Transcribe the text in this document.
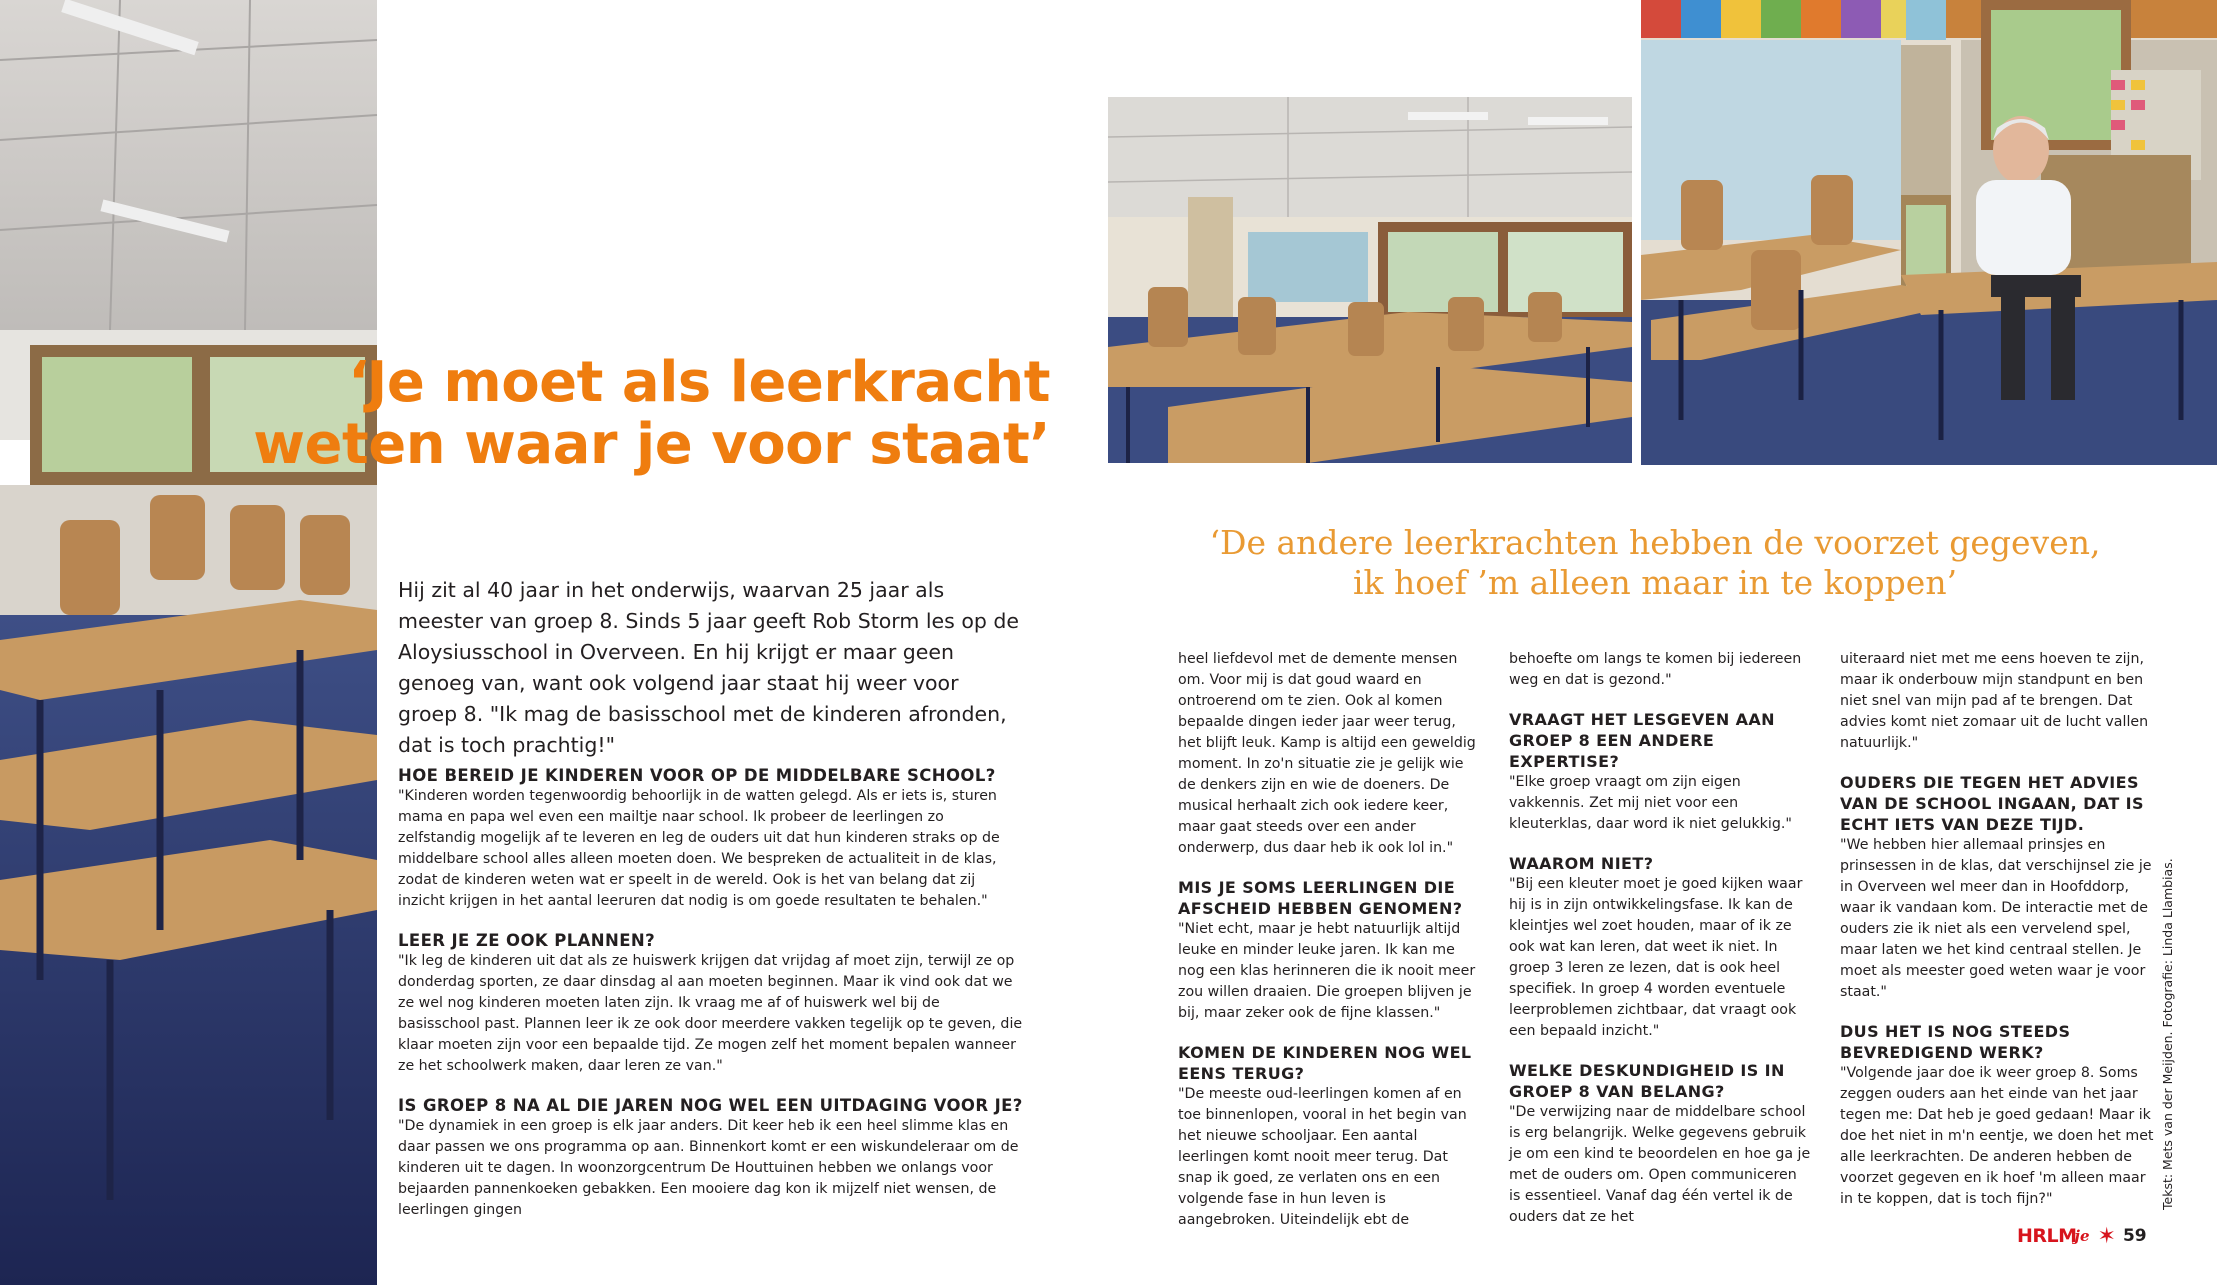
‘Je moet als leerkracht
weten waar je voor staat’
Hij zit al 40 jaar in het onderwijs, waarvan 25 jaar als meester van groep 8. Sinds 5 jaar geeft Rob Storm les op de Aloysiusschool in Overveen. En hij krijgt er maar geen genoeg van, want ook volgend jaar staat hij weer voor groep 8. "Ik mag de basisschool met de kinderen afronden, dat is toch prachtig!"
‘De andere leerkrachten hebben de voorzet gegeven,
ik hoef ’m alleen maar in te koppen’
HOE BEREID JE KINDEREN VOOR OP DE MIDDELBARE SCHOOL?
"Kinderen worden tegenwoordig behoorlijk in de watten gelegd. Als er iets is, sturen mama en papa wel even een mailtje naar school. Ik probeer de leerlingen zo zelfstandig mogelijk af te leveren en leg de ouders uit dat hun kinderen straks op de middelbare school alles alleen moeten doen. We bespreken de actualiteit in de klas, zodat de kinderen weten wat er speelt in de wereld. Ook is het van belang dat zij inzicht krijgen in het aantal leeruren dat nodig is om goede resultaten te behalen."
LEER JE ZE OOK PLANNEN?
"Ik leg de kinderen uit dat als ze huiswerk krijgen dat vrijdag af moet zijn, terwijl ze op donderdag sporten, ze daar dinsdag al aan moeten beginnen. Maar ik vind ook dat we ze wel nog kinderen moeten laten zijn. Ik vraag me af of huiswerk wel bij de basisschool past. Plannen leer ik ze ook door meerdere vakken tegelijk op te geven, die klaar moeten zijn voor een bepaalde tijd. Ze mogen zelf het moment bepalen wanneer ze het schoolwerk maken, daar leren ze van."
IS GROEP 8 NA AL DIE JAREN NOG WEL EEN UITDAGING VOOR JE?
"De dynamiek in een groep is elk jaar anders. Dit keer heb ik een heel slimme klas en daar passen we ons programma op aan. Binnenkort komt er een wiskundeleraar om de kinderen uit te dagen. In woonzorgcentrum De Houttuinen hebben we onlangs voor bejaarden pannenkoeken gebakken. Een mooiere dag kon ik mijzelf niet wensen, de leerlingen gingen

heel liefdevol met de demente mensen om. Voor mij is dat goud waard en ontroerend om te zien. Ook al komen bepaalde dingen ieder jaar weer terug, het blijft leuk. Kamp is altijd een geweldig moment. In zo'n situatie zie je gelijk wie de denkers zijn en wie de doeners. De musical herhaalt zich ook iedere keer, maar gaat steeds over een ander onderwerp, dus daar heb ik ook lol in."

MIS JE SOMS LEERLINGEN DIE AFSCHEID HEBBEN GENOMEN?
"Niet echt, maar je hebt natuurlijk altijd leuke en minder leuke jaren. Ik kan me nog een klas herinneren die ik nooit meer zou willen draaien. Die groepen blijven je bij, maar zeker ook de fijne klassen."
KOMEN DE KINDEREN NOG WEL EENS TERUG?
"De meeste oud-leerlingen komen af en toe binnenlopen, vooral in het begin van het nieuwe schooljaar. Een aantal leerlingen komt nooit meer terug. Dat snap ik goed, ze verlaten ons en een volgende fase in hun leven is aangebroken. Uiteindelijk ebt de

behoefte om langs te komen bij iedereen weg en dat is gezond."

VRAAGT HET LESGEVEN AAN GROEP 8 EEN ANDERE EXPERTISE?
"Elke groep vraagt om zijn eigen vakkennis. Zet mij niet voor een kleuterklas, daar word ik niet gelukkig."
WAAROM NIET?
"Bij een kleuter moet je goed kijken waar hij is in zijn ontwikkelingsfase. Ik kan de kleintjes wel zoet houden, maar of ik ze ook wat kan leren, dat weet ik niet. In groep 3 leren ze lezen, dat is ook heel specifiek. In groep 4 worden eventuele leerproblemen zichtbaar, dat vraagt ook een bepaald inzicht."
WELKE DESKUNDIGHEID IS IN GROEP 8 VAN BELANG?
"De verwijzing naar de middelbare school is erg belangrijk. Welke gegevens gebruik je om een kind te beoordelen en hoe ga je met de ouders om. Open communiceren is essentieel. Vanaf dag één vertel ik de ouders dat ze het

uiteraard niet met me eens hoeven te zijn, maar ik onderbouw mijn standpunt en ben niet snel van mijn pad af te brengen. Dat advies komt niet zomaar uit de lucht vallen natuurlijk."

OUDERS DIE TEGEN HET ADVIES VAN DE SCHOOL INGAAN, DAT IS ECHT IETS VAN DEZE TIJD.
"We hebben hier allemaal prinsjes en prinsessen in de klas, dat verschijnsel zie je in Overveen wel meer dan in Hoofddorp, waar ik vandaan kom. De interactie met de ouders zie ik niet als een vervelend spel, maar laten we het kind centraal stellen. Je moet als meester goed weten waar je voor staat."
DUS HET IS NOG STEEDS BEVREDIGEND WERK?
"Volgende jaar doe ik weer groep 8. Soms zeggen ouders aan het einde van het jaar tegen me: Dat heb je goed gedaan! Maar ik doe het niet in m'n eentje, we doen het met alle leerkrachten. De anderen hebben de voorzet gegeven en ik hoef 'm alleen maar in te koppen, dat is toch fijn?"	Tekst: Mets van der Meijden. Fotografie: Linda Llambias.
HRLM
je ✶ 59
